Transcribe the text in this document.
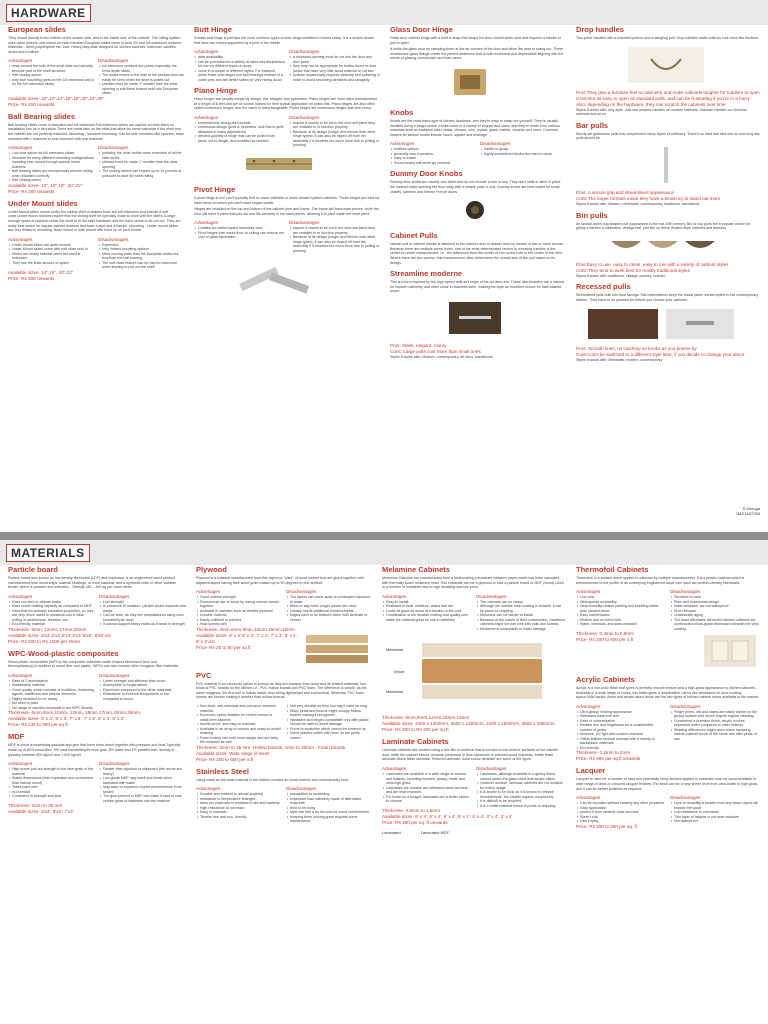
HARDWARE
European slides
They mount directly to the bottom of the drawer side, and to the inside side of the cabinet. The rolling system uses nylon wheels, one wheel on each member.European slides come in both 3/4 and full extension versions. Materials - Steel,polyethylene etc. Use: Heavy duty slide designed for kitchen cabinets, bathroom vanities, desks and furniture.
Advantages
• wrap around the side of the shelf slide and actually become part of the shelf structure
• Self closing action
• only four mounting parts on the 3/4 extension and 6 on the full extension slides
Disadvantages
• full extension versions are pricey especially the extra depth slides
• The slides mount to the side of the shelves and can easily be seen when the shelf is pulled out
• shelves must be made 1" smaller than the clear opening to suit these feature built into European slides
Available sizes- 10",12",14",16",18",20",24",28"
Price- Rs 150 onwards
Ball Bearing slides
Ball bearing slides come in standard and full extension.Full extension slides are captive on both sides so installation can be a bit trickier.There are metal tabs on the slide that allow for some tolerance if the shelf and the cabinet are not perfectly matched. Mounting - Versatile mounting. Can be side mounted with spacers, base mounted with L brackets or rear mounted with rear brackets
Advantages
• Low cost option for full extension slides
• Versatile for many different mounting configurations including rear mount through special metal brackets
• Ball bearing slides are exceptionally smooth rolling when installed correctly
• Self closing action
Disadvantages
• probably the most visible when extended of all the slide styles
• shelves must be made 1" smaller than the clear opening
• The locking detent can require up to 15 pounds of pressure to start the shelf rolling
Available sizes- 12", 16",18", 20",22"
Price- Rs 300 onwards
Under Mount slides
Under Mount slides mount under the sliding shelf or drawer.Most are full extension and include a soft close.Under mount shelves require that the sliding shelf be specially made to work with the slides. A large enough space is required under the shelf to fit the slide hardware and the back needs to be cut out. They are really best suited for regular cabinet drawers that have a face and a handle. Mounting - Under mount slides are very limited in mounting. Base mount or side mount with build up on your choice
Advantages
• Under mount slides are quite smooth
• Under Mount slides come with soft close built in
• Slides are nearly invisible when the shelf is extended
• They use the least amount of space
Disadvantages
• Expensive
• Very limited mounting options
• More moving parts than the European slides but less than the ball bearing
• The soft close feature can be hard to overcome when starting to pull out the shelf
Available sizes- 14",16", 20",22"
Price- Rs 500 onwards
Butt Hinge
A brass butt hinge is perhaps the most common types of door hinge installed in homes today. It is a simple device that uses two leaves supported by a joint in the middle.
Advantages
• wide availability
• can be purchased in a variety of sizes and thicknesses for use on different types of doors
• come in a couple of different styles. For instance, some brass butt hinges use ball bearings instead of a cotter pins and are better suited for very heavy doors
Disadvantages
• a recessed opening must be cut into the door and door jamb
• they may not be appropriate for hollow doors or door jambs that have very little wood material to cut into
• surface occasionally requires cleaning and polishing in order to avoid becoming tarnished and unsightly
Piano Hinge
Piano hinges are usually simple by design- flat, straight, and symmetric. Piano hinges are most often manufactured at a length of 6 feet and are of course named for their typical application on piano lids. Piano hinges are also often called continuous hinges, and the name is interchangeable. Piano hinges are continuous hinges and vice-versa.
Advantages
• tremendously strong and durable
• continuous design gives a 'seamless' look that is quite attractive in many applications
• desired quantity of hinge that can be pulled from stock, cut-to-length, and installed as needed.
Disadvantages
• require a recess to be cut in the door and jamb they are installed in to function properly
• Because of its design (longer and thinner than other hinge types), it can also be ripped off from the assembly if it receives too much force due to pulling or pushing.
Pivot Hinge
A pivot hinge is one you'll typically find on lower cabinets or home theater system cabinets. These hinges are best for inset doors on which you don't want hinges visible.
Hinges are installed on the top and bottom of the cabinet door and frame. The frame will have inset pieces, while the door will have a piece that juts out and fits securely in the inset pieces, allowing it to pivot within the inset piece
Advantages
• Creates an uninterrupted frameless view
• Pivot hinges that mount floor-to-ceiling can reduce the cost of glass fabrication
Disadvantages
• require a recess to be cut in the door and jamb they are installed in to function properly
• Because of its design (longer and thinner than other hinge types), it can also be ripped off from the assembly if it receives too much force due to pulling or pushing.
Glass Door Hinge
Glass door cabinet hinge with a built-in snap that keeps the door closed when shut and requires a handle or pull to open.
It holds the glass door by clamping them at the far corners of the door and allow the door to swing out. These unobtrusive glass fittings create the perfect ambience that is both functional and dependable aligning with the needs of glazing construction and their users
Knobs
Knobs are the most basic type of kitchen hardware, and they're easy to swap out yourself. They're usually installed using a single screw. Knobs come in a variety of shapes and sizes, and they're made from various materials such as stainless steel, brass, chrome, zinc, crystal, glass, marble, ceramic and more. Common shapes for kitchen knobs include round, square and birdcage
Advantages
• endless options
• generally less expensive,
• easy to install
• Round knobs will never go crooked
Disadvantages
• harder to grasp
• highly embellished knobs are hard to clean
Dummy Door Knobs
Dummy door knobs are usually one-sided and do not include a lock or key. They don't twist or latch in place but instead make opening the door easy with a simple push or pull. Dummy knobs are best suited for small closets, pantries and interior French doors
Cabinet Pulls
cabinet pull or cabinet handle is attached to the cabinet door or drawer front by means of two or more screws. Because there are multiple screw holes, one of the most determinates factors in choosing handles is the center-to-center measurement; i.e., the difference from the center of one screw hole to the center of the next. Where there are two screws, this measurement often determines the overall size of the pull based on its design.
Streamline moderne
This is a form inspired by the high-speed rails and ships of the art deco era. These slim beauties are a natural for modern cabinetry and often come in stainless steel, making the style an excellent choice for dark stained wood.
Pros: Sleek, elegant, roomy
Cons: Large pulls cost more than small ones
Styles it works with: Modern, contemporary, art deco, transitional
Drop handles
Two-piece handles with a mounted portion and a dangling pull. Drop handles make built-ins look more like furniture.
Pros:They give a furniture feel to cabinetry and make cabinets tougher for toddlers to open
Cons:Not as easy to open as standard pulls, and can be frustrating if you're in a hurry. Also, depending on the hardware, they can scratch the cabinets over time
Styles it works with: Any style. Just use modern handles on modern cabinets, Victorian handles on Victorian cabinets and so on
Bar pulls
Sturdy yet glamorous pulls that complement many styles of cabinetry. There's no hard and fast rule on how long bar pulls should be.
Pros: A secure grip and streamlined appearance
Cons:The larger formats mean they have a tendency to stand out more
Styles it works with: Modern, minimalist, contemporary, traditional, transitional.
Bin pulls
An upside-down cup-shaped pull popularized in the mid-19th century. Bin or cup pulls are a popular choice for giving a kitchen a minimalist, vintage feel, just like on these Shaker-style cabinets and drawers.
Pros:Easy to use, easy to clean, easy to mix with a variety of cabinet styles
Cons:They tend to work best for mostly traditional styles
Styles it works with: traditional, vintage, country, eclectic
Recessed pulls
Streamlined pulls built into door facings. Slim indentations keep the visual plane uninterrupted in this contemporary kitchen. They have to be planned for before you choose your cabinets.
Pros: Smooth lines, no catching on knobs as you breeze by
Cons:Can't be switched to a different style later, if you decide to change your decor
Styles it works with: Minimalist, modern, contemporary
S.Moruga
1MS14AT053
MATERIALS
Particle board
Particle board also known as low density fibreboard (LDF) and chipboard, is an engineered wood product manufactured from wood chips, sawmill shavings, or even sawdust, and a synthetic resin or other suitable binder, which is pressed and extruded. - Density 160 – 450 kg per cubic metre
Advantages
• Does not dent or deform easily
• More screw holding capacity as compared to MDF
• Have thermo acoustic insulation properties, so they are very much useful in speakers and in false ceiling of auditoriums, theatres, etc.
• Eco-friendly material
Disadvantages
• Low strength
• In presence of moisture, particle board expands and warps
• Can be toxic, as they are manufactured using urea formaldehyde resin
• It cannot support heavy loads as it weak in strength
Thickness- 6mm, 12mm, 17mm,25mm
Available sizes- 6'x3',6'x4',8'x3',8'x4',8'x6', 9'x6',etc
Price- Rs 500 to Rs 1200 per sheet
WPC-Wood-plastic composites
Wood-plastic composites (WPCs) are composite materials made of wood fiber/wood flour and thermoplastic(s).In addition to wood fiber and plastic, WPCs can also contain other inorganic filler materials.
Advantages
• Ease of Customization
• Sustainable material
• Good quality which consists of modifiers, thickening agents, stabilizers and various elements
• Highly resistant to rot, decay
• No need to paint
• No usage of harmful chemicals in the WPC Boards
Disadvantages
• Lower strength and stiffness than wood
• Susceptible to fungal attack
• Expensive compared to the other materials
• Resistance to extreme temperature is low compared to wood
Thickness- 6mm,8mm,10mm, 12mm, 15mm,17mm,20mm,25mm,
Available sizes- 8' x 4', 8' x 3', 7' x 4', 7' x 3', 6' x 4', 6' x 3'
Price- Rs 135 to 300 per sq ft
MDF
MDF is wood is essentially sawdust and glue that have been fused together with pressure and heat.Typically made up of 82% wood fibre, 9% urea-formaldehyde resin glue, 8% water and 1% paraffin wax, density is typically between 500 kg/m3 and 1,000 kg/m3
Advantages
• High screw pull-out strength in the face grain of the material
• Stable dimensions (less expansion and contraction than natural wood)
• Takes paint well
• economical
• Consistent in strength and size
Disadvantages
• Denser than plywood or chipboard (the resins are heavy)
• Low grade MDF may swell and break when saturated with water
• May warp or expand in humid environments if not sealed
• The glue present in MDF can make it hard to sink certain types of fasteners into the material
Thickness- 2mm to 25 mm
Available sizes- 8'x4', 8'x3', 7'x4'
Plywood
Plywood is a material manufactured from thin layers or "plies" of wood veneer that are glued together with adjacent layers having their wood grain rotated up to 90 degrees to one another.
Advantages
• Good uniform strength
• Economical use of wood by mixing various woods together
• Available in varieties such as flexible plywood
• Durable material
• Easily polished or painted
• Hold screws well
Disadvantages
• The layers can come apart on prolonged exposure to water
• Bend or sag when longer pieces are used
• Usually needs additional enhancements
• Edges have to be finished either with laminate or veneer
Thickness- 4mm,6mm,9mm,12mm,15mm,18mm
Available sizes- 8' x 4',8' x 3', 7' x 4', 7' x 3', 6' x 4', 6' x 3',etc
Price- Rs 25 to 50 per sq ft
PVC
PVC material is an economic option to pursue as they are cheaper than wood and its related materials. two kinds of PVC boards for the kitchen i.e., PVC hollow boards and PVC foam. The difference is simple, as the name suggests, the first one is hollow inside, thus being lightweight and economical. Whereas, PVC foam boards are thicker making it sturdier than hollow boards.
• Non-toxic, anti-chemical and corrosion resistant material.
• Economic option feasible for rented homes or small-term kitchens
• termite-proof, and easy to maintain
• Available in an array of colours and ready-to-install finishing
• Foam boards can hold more weight and are fairly fire resistant as well
• Not very durable as they can sag if used for long
• Many pests and insects might occupy hollow boards making it unhygienic
• Hardware and hinges compatible only with plastic should be used to avoid damage
• Prone to scratches which cannot be covered up
• Some plastics soften with time, so the joints loosen.
Thickness- 2mm to 35 mm- Hollow boards, 1mm to 30mm - Foam boards
Available sizes- Wide range of sizes
Price- Rs 200 to 600 per s.ft
Stainless Steel
Using metal as the main material in the kitchen,creates an urban interior and contemporary look.
Advantages
• Durable and resilient to almost anything
• resistance to temperature changes
• does not crack and is resistant to dirt and bacteria.
• High resistance to corrosion
• Easy to maintain
• Termite free and eco- friendly
Disadvantages
• susceptible to scratching
• expensive than cabinetry made of alternative materials.
• tend to be noisy
• style can feel a bit too cold for some homeowners
• Keeping them looking great requires some maintenance
Melamine Cabinets
Melamine Cabinets are manufactured from a heat-sealing a substrate between paper which has been saturated with thermally fused melamine resin.This substrate can be a plywood or else a particle board or MDF (wood).Used in a number of industries due to high durability and low price.
Advantages
• Easy to install.
• Resistant to heat, moisture, stains and dirt
• Looks as good as wood at a fraction of the cost.
• Combination of the durable coating and quality core make the material great for use in cabinetry
Disadvantages
• The cabinets can be heavy
• Although the outside resin coating is durable, it can be prone to chipping.
• Melamine can be harder to install
• Because of the nature of their construction, melamine cabinets might not pair well with nails and screws.
• Melamine is susceptible to water damage
Melamine
Wood
Melamine
Thickness- 6mm,8mm,12mm,16mm,18mm
Available sizes- 2400 x 1200mm, 3600 x 1200mm, 2400 x 1800mm, 3600 x 1800mm
Price- Rs 800 to Rs 300 per sq ft
Laminate Cabinets
Laminate cabinets are created using a thin film of material that is bonded to the exterior surfaces of the cabinet door, while the cabinet interior remains composed of less expensive or pressed wood materials. Matte finish laminate,Gloss finish laminate, Textured laminate, Solid colour laminate are some of the types.
Advantages
• Laminates are available in a wide range of colours and finishes, including wooden, glossy, matte and ultra-high gloss.
• Laminates are durable can withstand wear and tear, and are heat resistant.
• For those on a budget, laminates are a better option to choose
Disadvantages
• Laminates, although available in a glossy finish, cannot match the glass shine that acrylic offers.
• However durable, laminate cabinets are not suitable for heavy usage
• It is known to be toxic as it is known to release formaldehyde, the volatile organic compounds.
• It is difficult to be recycled.
• It is a brittle material hence is prone to chipping
Thickness- 0.6mm to 1.5mm
Available sizes- 8' x 4', 8' x 4', 6' x 4', 5' x 4', 4' x 4', 3' x 4', 2' x 4'
Price- Rs 400 per sq. ft onwards
Laminated	Laminated MDF
Thermofoil Cabinets
Thermofoil is a surface finish applied to cabinets by multiple manufacturers. It is a plastic material which is thermoformed to the profile of an underlying engineered wood core such as medium-density fiberboard.
Advantages
• Low cost
• Widespread availability
• Heat-humidity-related peeling and bubbling better than painted wood
• Easy maintenance
• Modern and on trend look
• Water, chemical, and stain-resistant
Disadvantages
• Sensitive to heat
• Plain and impersonal design
• water-resistant, but not waterproof
• Short lifespan
• Unattractive aging
• The most affordable thermofoil kitchen cabinets are constructed of low-grade fiberboard beneath the vinyl coating
Thickness- 0.4mm to 0.8mm
Price- Rs 200 to 600 per s.ft
Acrylic Cabinets
Acrylic is a non-toxic finish that gives a perfectly smooth texture and a high-gloss appearance to kitchen cabinets. Available in a wide range of colors, this finish gives a resplendent, mirror-like semblance to your cooking space.Solid acrylic doors and acrylic-faced doors are the two types of kitchen cabinet doors available in the market.
Advantages
• Ultra glossy, inviting appearance
• Withstand wear and tear
• Ease of customization
• Retains hue and brightness for a considerable number of years.
• Moisture, UV light and scratch-resistant
• Offers brilliant textural contrast with a variety of backsplash materials
• Eco-friendly
Disadvantages
• Finger prints, dirt and stains are easily visible on the glossy surface and hence require regular cleaning.
• Considered a premium finish, acrylic is more expensive when compared to other finishes.
• Shading differences might occur when replacing kitchen cabinet doors of the same hue after years of use
Thickness- 0.2mm to 2mm
Price- Rs 900 per sq.ft onwards
Lacquer
Lacquer is used for a number of hard and potentially shiny finishes applied to materials such as wood.Available in wide range of clear or coloured lacquer finishes.The finish can be of any sheen level from ultra-matte to high gloss, and it can be further polished as required.
Advantages
• Can be recoated without causing any other problems
• Easy Application
• protect it from weather wear and tear
• Sleek Look
• Fast Drying
Disadvantages
• Lack of durability.A scratch from any sharp object will expose the wood
• Low resistance to chemicals
• Thin layer of lacquer is not heat resistant
• Not waterproof
Price- Rs 200 to 250 per sq. ft
